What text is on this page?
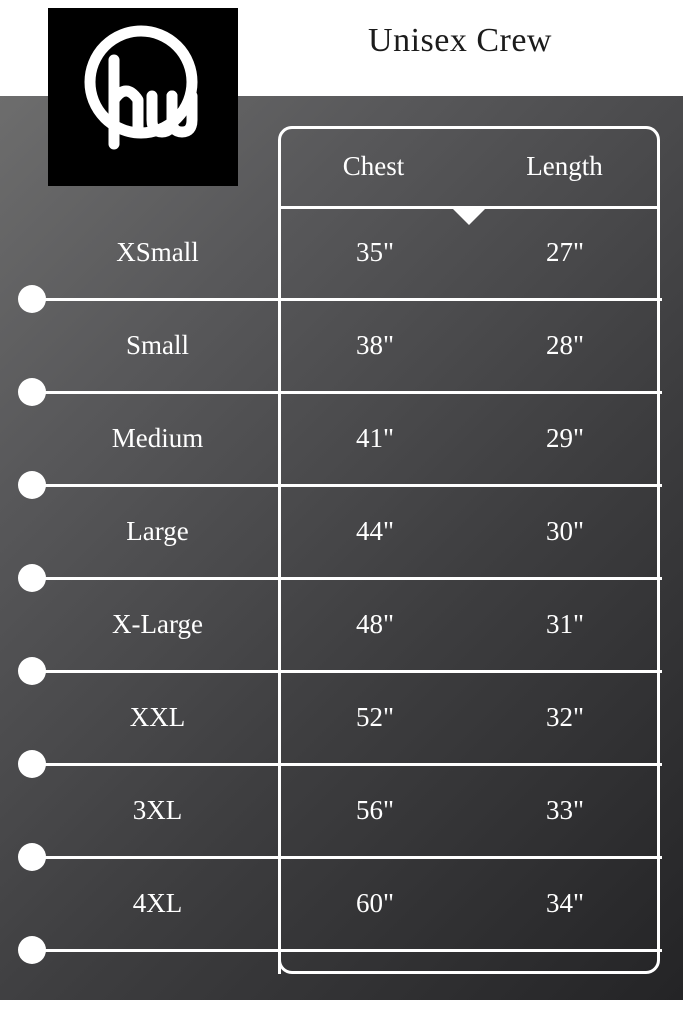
Unisex Crew
Chest	Length
XSmall	35"	27"
Small	38"	28"
Medium	41"	29"
Large	44"	30"
X-Large	48"	31"
XXL	52"	32"
3XL	56"	33"
4XL	60"	34"
